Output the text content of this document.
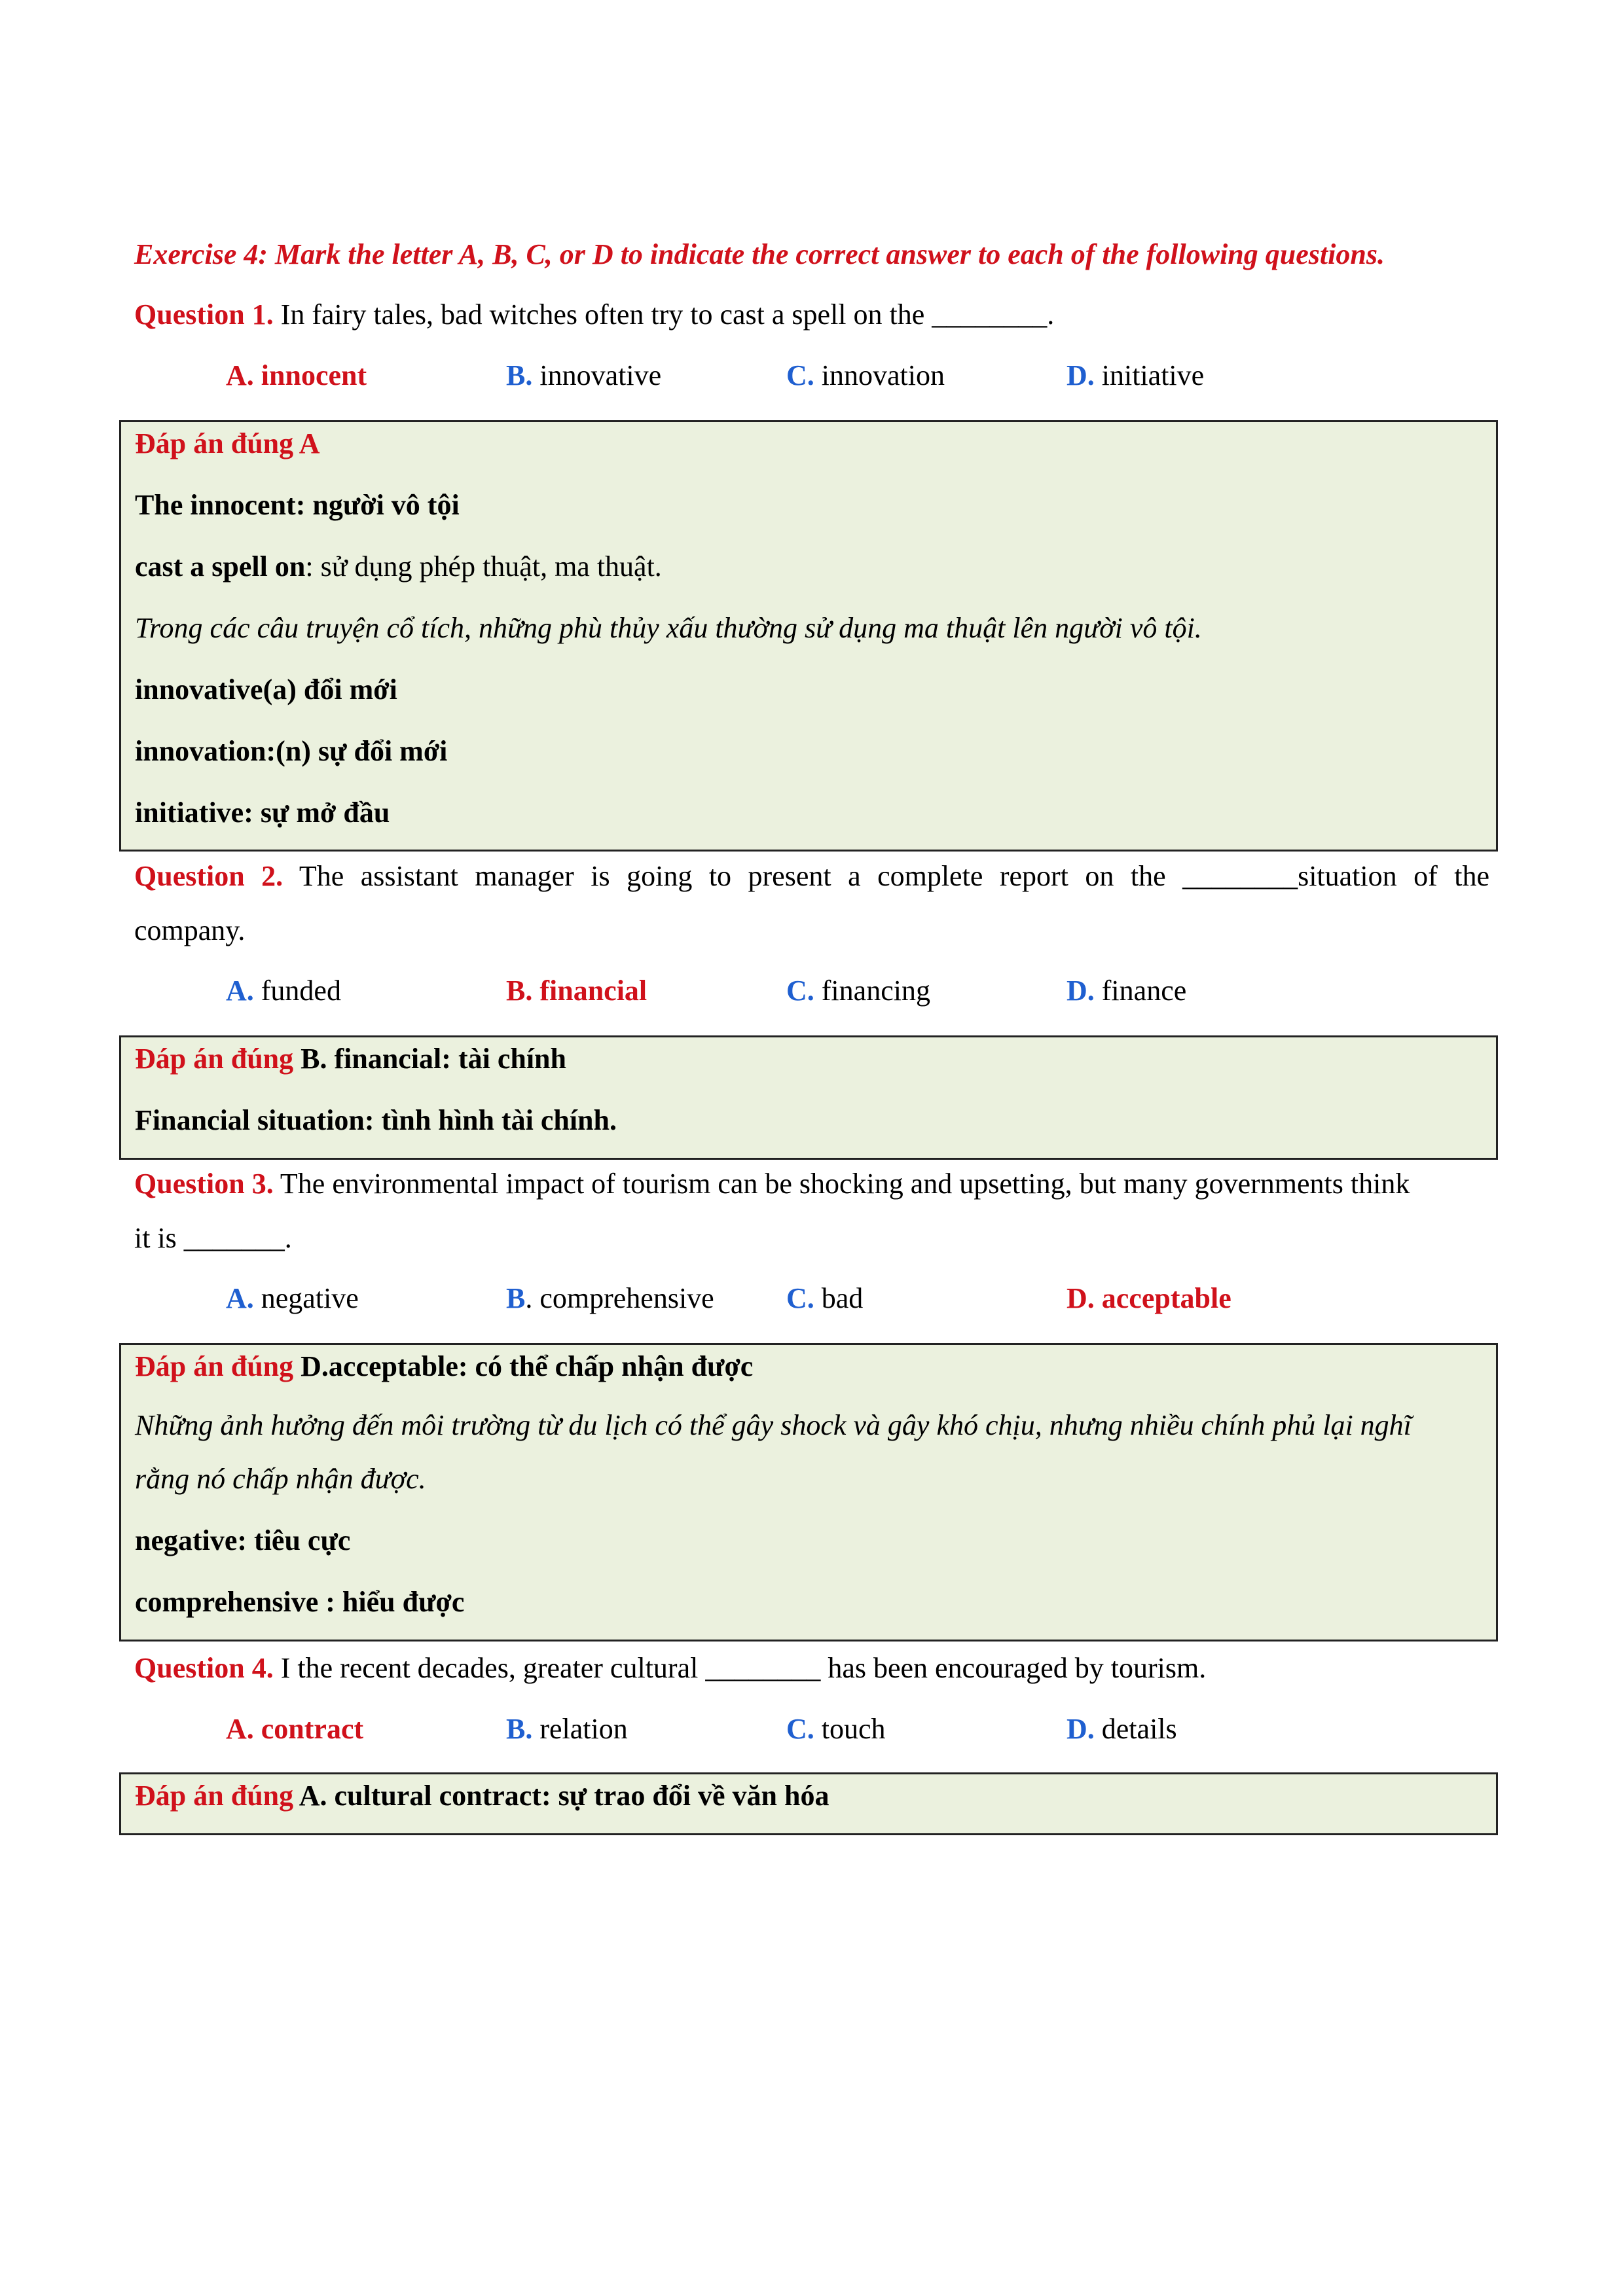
Exercise 4: Mark the letter A, B, C, or D to indicate the correct answer to each of the following questions.
Question 1. In fairy tales, bad witches often try to cast a spell on the ________.
A. innocent	B. innovative	C. innovation	D. initiative
Đáp án đúng A
The innocent: người vô tội
cast a spell on: sử dụng phép thuật, ma thuật.
Trong các câu truyện cổ tích, những phù thủy xấu thường sử dụng ma thuật lên người vô tội.
innovative(a) đổi mới
innovation:(n) sự đổi mới
initiative: sự mở đầu
Question 2. The assistant manager is going to present a complete report on the ________situation of the
company.
A. funded	B. financial	C. financing	D. finance
Đáp án đúng B. financial: tài chính
Financial situation: tình hình tài chính.
Question 3. The environmental impact of tourism can be shocking and upsetting, but many governments think
it is _______.
A. negative	B. comprehensive	C. bad	D. acceptable
Đáp án đúng D.acceptable: có thể chấp nhận được
Những ảnh hưởng đến môi trường từ du lịch có thể gây shock và gây khó chịu, nhưng nhiều chính phủ lại nghĩ
rằng nó chấp nhận được.
negative: tiêu cực
comprehensive : hiểu được
Question 4. I the recent decades, greater cultural ________ has been encouraged by tourism.
A. contract	B. relation	C. touch	D. details
Đáp án đúng A. cultural contract: sự trao đổi về văn hóa
